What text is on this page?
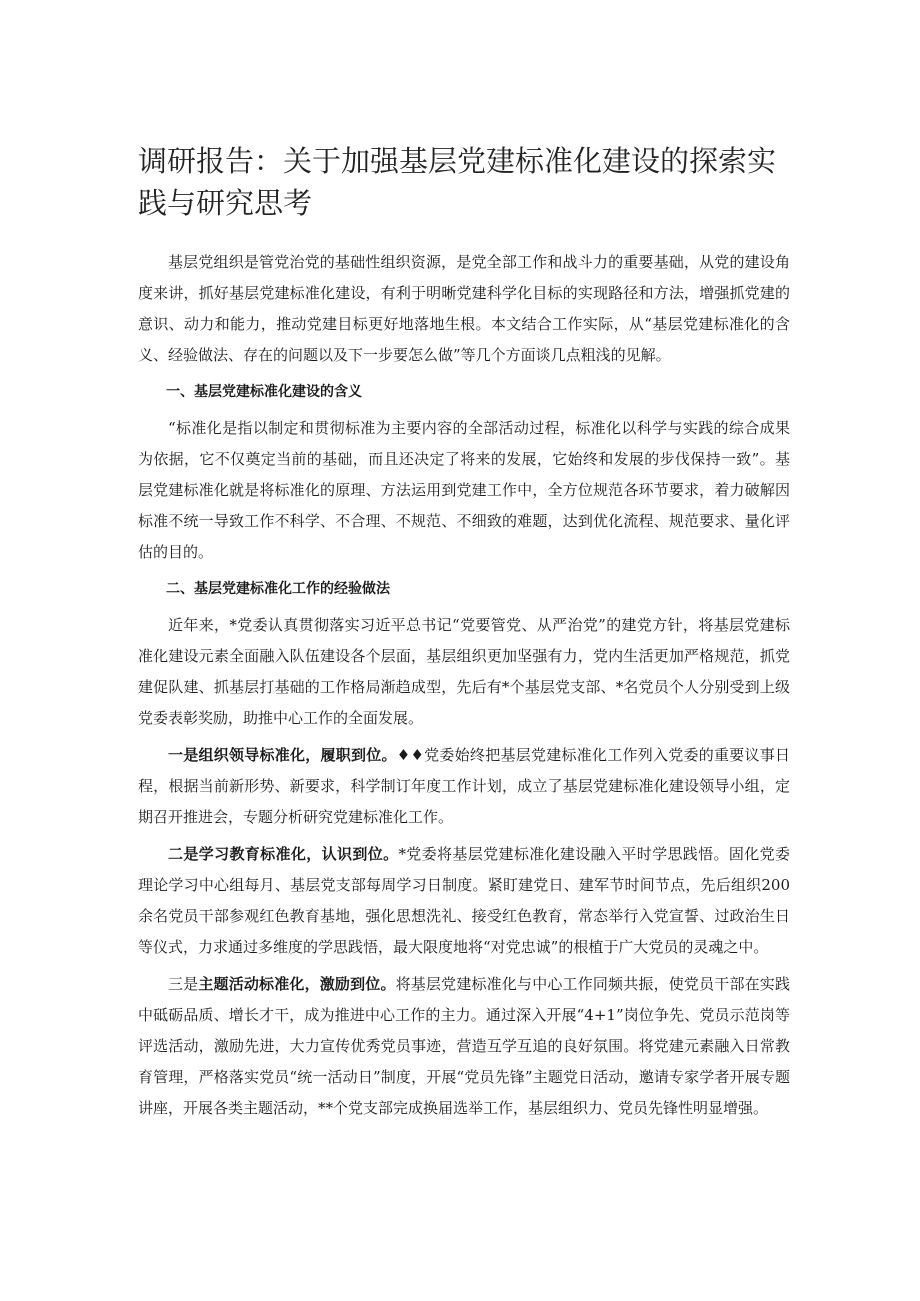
调研报告：关于加强基层党建标准化建设的探索实践与研究思考

基层党组织是管党治党的基础性组织资源，是党全部工作和战斗力的重要基础，从党的建设角度来讲，抓好基层党建标准化建设，有利于明晰党建科学化目标的实现路径和方法，增强抓党建的意识、动力和能力，推动党建目标更好地落地生根。本文结合工作实际，从“基层党建标准化的含义、经验做法、存在的问题以及下一步要怎么做”等几个方面谈几点粗浅的见解。

一、基层党建标准化建设的含义

“标准化是指以制定和贯彻标准为主要内容的全部活动过程，标准化以科学与实践的综合成果为依据，它不仅奠定当前的基础，而且还决定了将来的发展，它始终和发展的步伐保持一致”。基层党建标准化就是将标准化的原理、方法运用到党建工作中，全方位规范各环节要求，着力破解因标准不统一导致工作不科学、不合理、不规范、不细致的难题，达到优化流程、规范要求、量化评估的目的。

二、基层党建标准化工作的经验做法

近年来，*党委认真贯彻落实习近平总书记“党要管党、从严治党”的建党方针，将基层党建标准化建设元素全面融入队伍建设各个层面，基层组织更加坚强有力，党内生活更加严格规范，抓党建促队建、抓基层打基础的工作格局渐趋成型，先后有*个基层党支部、*名党员个人分别受到上级党委表彰奖励，助推中心工作的全面发展。

一是组织领导标准化，履职到位。♦♦党委始终把基层党建标准化工作列入党委的重要议事日程，根据当前新形势、新要求，科学制订年度工作计划，成立了基层党建标准化建设领导小组，定期召开推进会，专题分析研究党建标准化工作。

二是学习教育标准化，认识到位。*党委将基层党建标准化建设融入平时学思践悟。固化党委理论学习中心组每月、基层党支部每周学习日制度。紧盯建党日、建军节时间节点，先后组织200余名党员干部参观红色教育基地，强化思想洗礼、接受红色教育，常态举行入党宣誓、过政治生日等仪式，力求通过多维度的学思践悟，最大限度地将“对党忠诚”的根植于广大党员的灵魂之中。

三是主题活动标准化，激励到位。将基层党建标准化与中心工作同频共振，使党员干部在实践中砥砺品质、增长才干，成为推进中心工作的主力。通过深入开展“4+1”岗位争先、党员示范岗等评选活动，激励先进，大力宣传优秀党员事迹，营造互学互追的良好氛围。将党建元素融入日常教育管理，严格落实党员“统一活动日”制度，开展“党员先锋”主题党日活动，邀请专家学者开展专题讲座，开展各类主题活动，**个党支部完成换届选举工作，基层组织力、党员先锋性明显增强。
